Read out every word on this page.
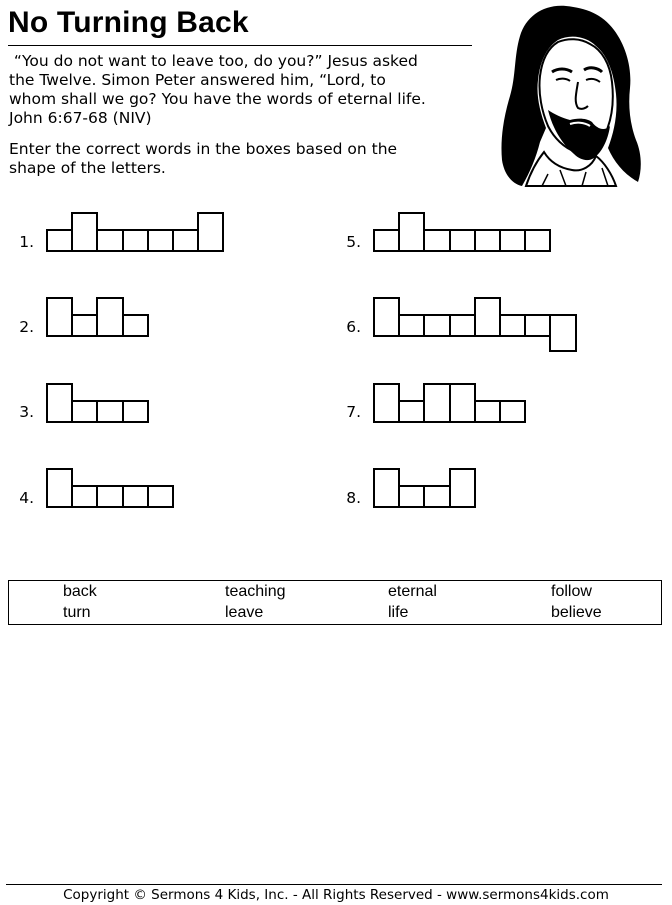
No Turning Back
“You do not want to leave too, do you?” Jesus asked
the Twelve. Simon Peter answered him, “Lord, to
whom shall we go? You have the words of eternal life.
John 6:67-68 (NIV)
Enter the correct words in the boxes based on the
shape of the letters.
1.
2.
3.
4.
5.
6.
7.
8.
back	teaching	eternal	follow
turn	leave	life	believe
Copyright © Sermons 4 Kids, Inc. - All Rights Reserved - www.sermons4kids.com
